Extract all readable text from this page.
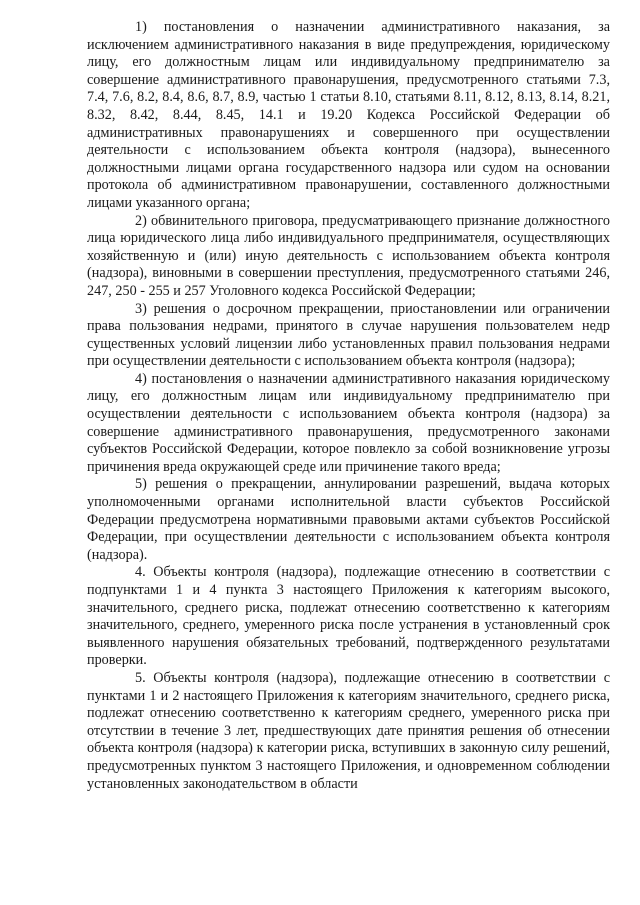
1) постановления о назначении административного наказания, за исключением административного наказания в виде предупреждения, юридическому лицу, его должностным лицам или индивидуальному предпринимателю за совершение административного правонарушения, предусмотренного статьями 7.3, 7.4, 7.6, 8.2, 8.4, 8.6, 8.7, 8.9, частью 1 статьи 8.10, статьями 8.11, 8.12, 8.13, 8.14, 8.21, 8.32, 8.42, 8.44, 8.45, 14.1 и 19.20 Кодекса Российской Федерации об административных правонарушениях и совершенного при осуществлении деятельности с использованием объекта контроля (надзора), вынесенного должностными лицами органа государственного надзора или судом на основании протокола об административном правонарушении, составленного должностными лицами указанного органа;

2) обвинительного приговора, предусматривающего признание должностного лица юридического лица либо индивидуального предпринимателя, осуществляющих хозяйственную и (или) иную деятельность с использованием объекта контроля (надзора), виновными в совершении преступления, предусмотренного статьями 246, 247, 250 - 255 и 257 Уголовного кодекса Российской Федерации;

3) решения о досрочном прекращении, приостановлении или ограничении права пользования недрами, принятого в случае нарушения пользователем недр существенных условий лицензии либо установленных правил пользования недрами при осуществлении деятельности с использованием объекта контроля (надзора);

4) постановления о назначении административного наказания юридическому лицу, его должностным лицам или индивидуальному предпринимателю при осуществлении деятельности с использованием объекта контроля (надзора) за совершение административного правонарушения, предусмотренного законами субъектов Российской Федерации, которое повлекло за собой возникновение угрозы причинения вреда окружающей среде или причинение такого вреда;

5) решения о прекращении, аннулировании разрешений, выдача которых уполномоченными органами исполнительной власти субъектов Российской Федерации предусмотрена нормативными правовыми актами субъектов Российской Федерации, при осуществлении деятельности с использованием объекта контроля (надзора).

4. Объекты контроля (надзора), подлежащие отнесению в соответствии с подпунктами 1 и 4 пункта 3 настоящего Приложения к категориям высокого, значительного, среднего риска, подлежат отнесению соответственно к категориям значительного, среднего, умеренного риска после устранения в установленный срок выявленного нарушения обязательных требований, подтвержденного результатами проверки.

5. Объекты контроля (надзора), подлежащие отнесению в соответствии с пунктами 1 и 2 настоящего Приложения к категориям значительного, среднего риска, подлежат отнесению соответственно к категориям среднего, умеренного риска при отсутствии в течение 3 лет, предшествующих дате принятия решения об отнесении объекта контроля (надзора) к категории риска, вступивших в законную силу решений, предусмотренных пунктом 3 настоящего Приложения, и одновременном соблюдении установленных законодательством в области
